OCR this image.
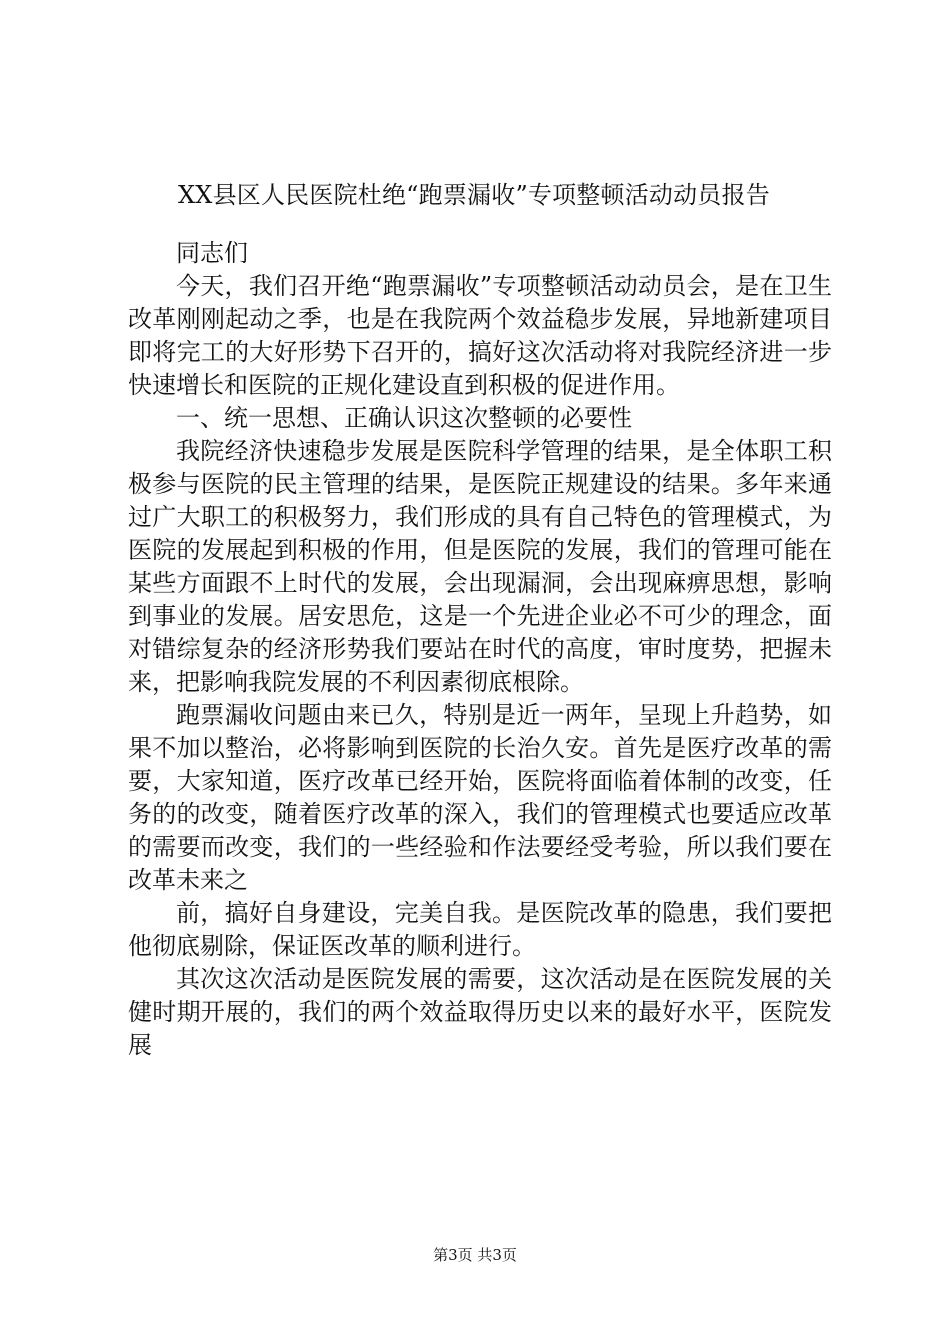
XX县区人民医院杜绝“跑票漏收”专项整顿活动动员报告

同志们

今天，我们召开绝“跑票漏收”专项整顿活动动员会，是在卫生改革刚刚起动之季，也是在我院两个效益稳步发展，异地新建项目即将完工的大好形势下召开的，搞好这次活动将对我院经济进一步快速增长和医院的正规化建设直到积极的促进作用。

一、统一思想、正确认识这次整顿的必要性

我院经济快速稳步发展是医院科学管理的结果，是全体职工积极参与医院的民主管理的结果，是医院正规建设的结果。多年来通过广大职工的积极努力，我们形成的具有自己特色的管理模式，为医院的发展起到积极的作用，但是医院的发展，我们的管理可能在某些方面跟不上时代的发展，会出现漏洞，会出现麻痹思想，影响到事业的发展。居安思危，这是一个先进企业必不可少的理念，面对错综复杂的经济形势我们要站在时代的高度，审时度势，把握未来，把影响我院发展的不利因素彻底根除。

跑票漏收问题由来已久，特别是近一两年，呈现上升趋势，如果不加以整治，必将影响到医院的长治久安。首先是医疗改革的需要，大家知道，医疗改革已经开始，医院将面临着体制的改变，任务的的改变，随着医疗改革的深入，我们的管理模式也要适应改革的需要而改变，我们的一些经验和作法要经受考验，所以我们要在改革未来之

前，搞好自身建设，完美自我。是医院改革的隐患，我们要把他彻底剔除，保证医改革的顺利进行。

其次这次活动是医院发展的需要，这次活动是在医院发展的关健时期开展的，我们的两个效益取得历史以来的最好水平，医院发展

第3页 共3页
